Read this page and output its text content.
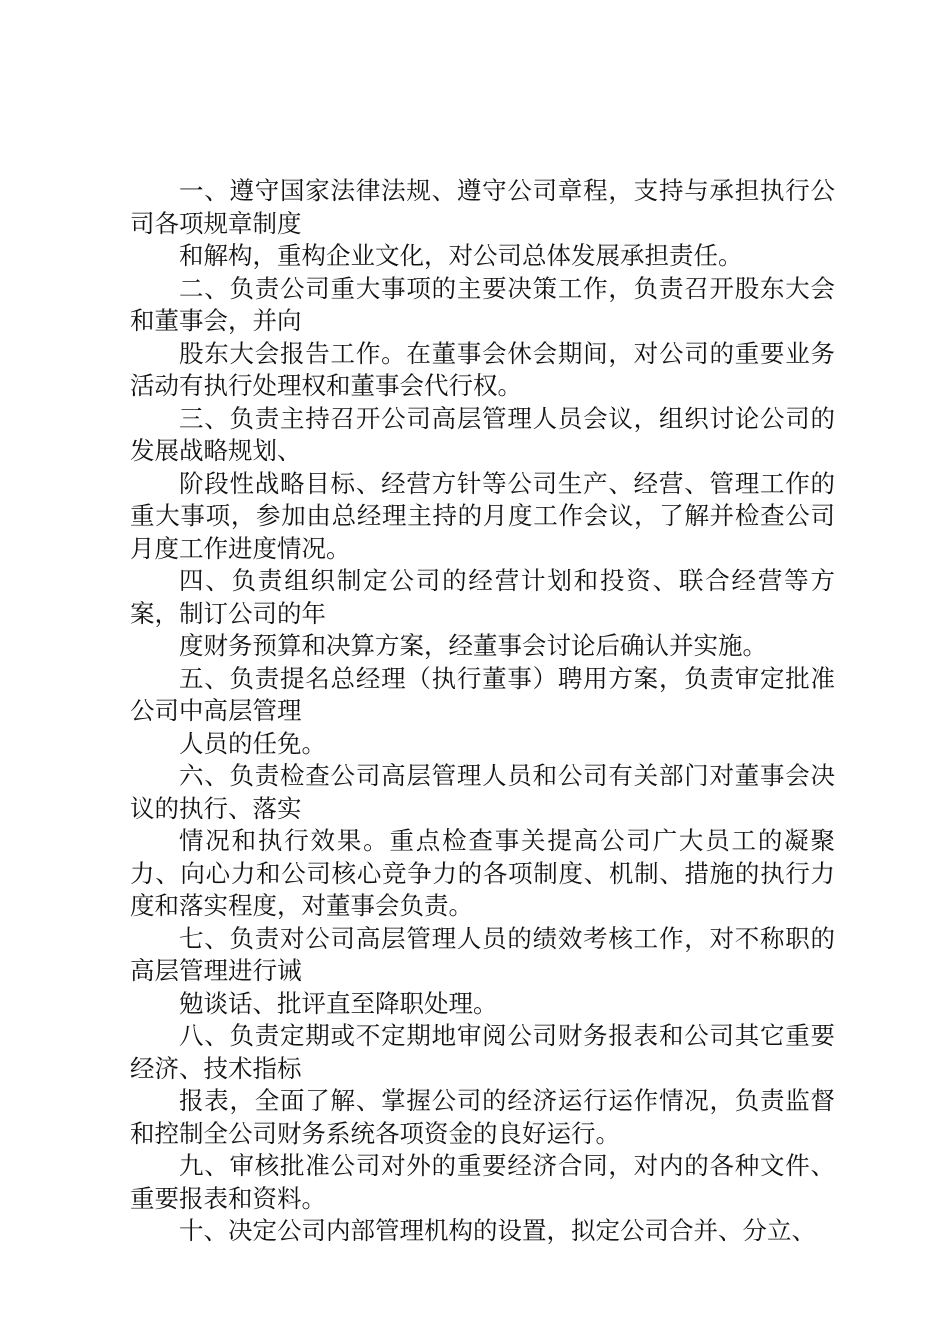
一、遵守国家法律法规、遵守公司章程，支持与承担执行公司各项规章制度

和解构，重构企业文化，对公司总体发展承担责任。

二、负责公司重大事项的主要决策工作，负责召开股东大会和董事会，并向

股东大会报告工作。在董事会休会期间，对公司的重要业务活动有执行处理权和董事会代行权。

三、负责主持召开公司高层管理人员会议，组织讨论公司的发展战略规划、

阶段性战略目标、经营方针等公司生产、经营、管理工作的重大事项，参加由总经理主持的月度工作会议，了解并检查公司月度工作进度情况。

四、负责组织制定公司的经营计划和投资、联合经营等方案，制订公司的年

度财务预算和决算方案，经董事会讨论后确认并实施。

五、负责提名总经理（执行董事）聘用方案，负责审定批准公司中高层管理

人员的任免。

六、负责检查公司高层管理人员和公司有关部门对董事会决议的执行、落实

情况和执行效果。重点检查事关提高公司广大员工的凝聚力、向心力和公司核心竞争力的各项制度、机制、措施的执行力度和落实程度，对董事会负责。

七、负责对公司高层管理人员的绩效考核工作，对不称职的高层管理进行诫

勉谈话、批评直至降职处理。

八、负责定期或不定期地审阅公司财务报表和公司其它重要经济、技术指标

报表，全面了解、掌握公司的经济运行运作情况，负责监督和控制全公司财务系统各项资金的良好运行。

九、审核批准公司对外的重要经济合同，对内的各种文件、重要报表和资料。

十、决定公司内部管理机构的设置，拟定公司合并、分立、
